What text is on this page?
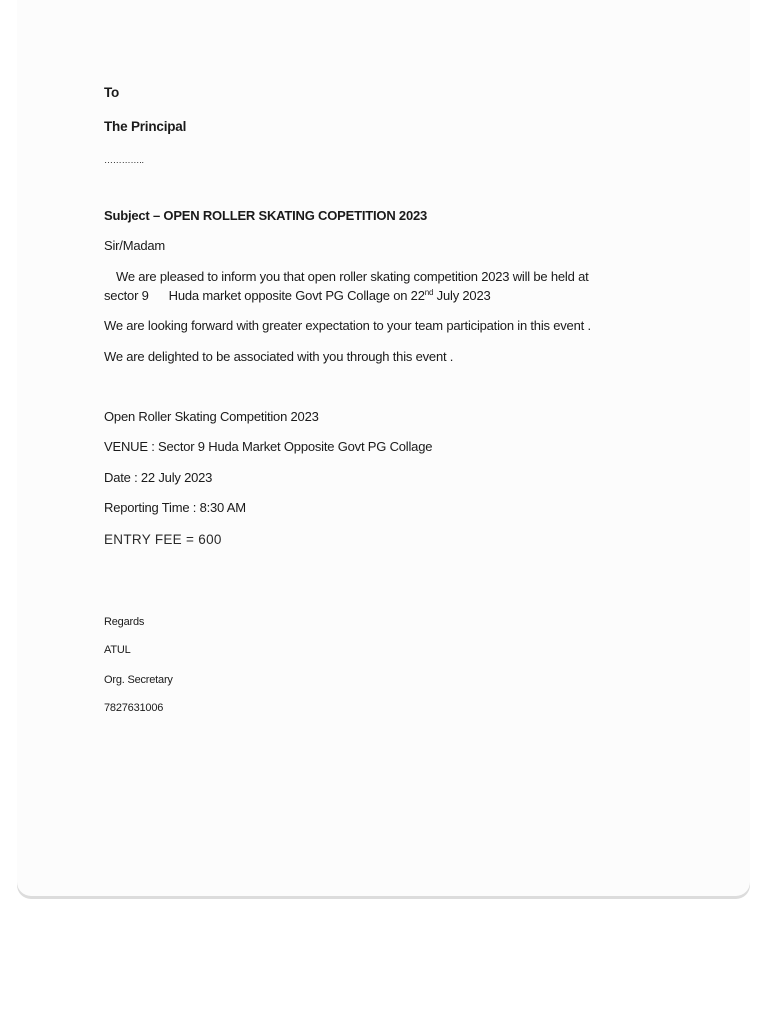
To
The Principal
…………..
Subject – OPEN ROLLER SKATING COPETITION 2023
Sir/Madam
We are pleased to inform you that open roller skating competition 2023 will be held at
sector 9 Huda market opposite Govt PG Collage on 22nd July 2023
We are looking forward with greater expectation to your team participation in this event .
We are delighted to be associated with you through this event .
Open Roller Skating Competition 2023
VENUE : Sector 9 Huda Market Opposite Govt PG Collage
Date : 22 July 2023
Reporting Time : 8:30 AM
ENTRY FEE = 600
Regards
ATUL
Org. Secretary
7827631006
